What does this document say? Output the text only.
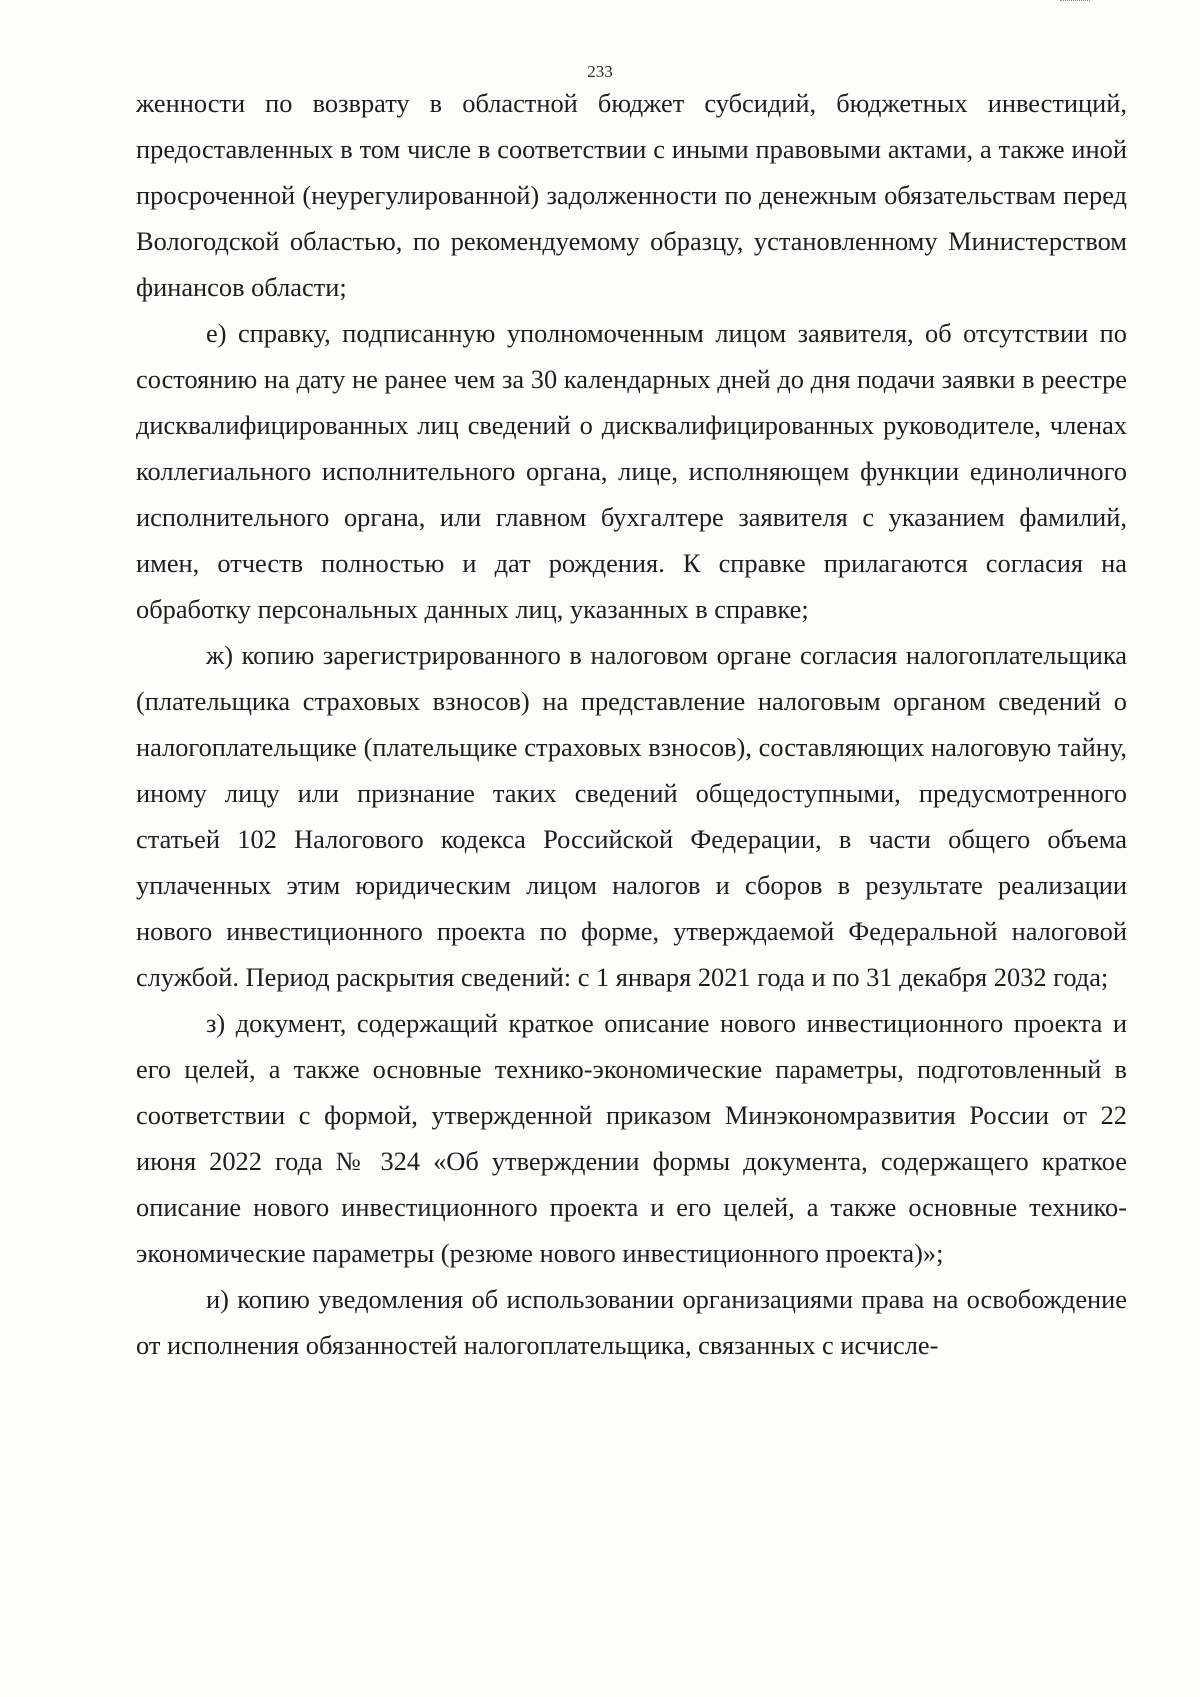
233

женности по возврату в областной бюджет субсидий, бюджетных инвестиций, предоставленных в том числе в соответствии с иными правовыми актами, а также иной просроченной (неурегулированной) задолженности по денежным обязательствам перед Вологодской областью, по рекомендуемому образцу, установленному Министерством финансов области;

е) справку, подписанную уполномоченным лицом заявителя, об отсутствии по состоянию на дату не ранее чем за 30 календарных дней до дня подачи заявки в реестре дисквалифицированных лиц сведений о дисквалифицированных руководителе, членах коллегиального исполнительного органа, лице, исполняющем функции единоличного исполнительного органа, или главном бухгалтере заявителя с указанием фамилий, имен, отчеств полностью и дат рождения. К справке прилагаются согласия на обработку персональных данных лиц, указанных в справке;

ж) копию зарегистрированного в налоговом органе согласия налогоплательщика (плательщика страховых взносов) на представление налоговым органом сведений о налогоплательщике (плательщике страховых взносов), составляющих налоговую тайну, иному лицу или признание таких сведений общедоступными, предусмотренного статьей 102 Налогового кодекса Российской Федерации, в части общего объема уплаченных этим юридическим лицом налогов и сборов в результате реализации нового инвестиционного проекта по форме, утверждаемой Федеральной налоговой службой. Период раскрытия сведений: с 1 января 2021 года и по 31 декабря 2032 года;

з) документ, содержащий краткое описание нового инвестиционного проекта и его целей, а также основные технико-экономические параметры, подготовленный в соответствии с формой, утвержденной приказом Минэкономразвития России от 22 июня 2022 года № 324 «Об утверждении формы документа, содержащего краткое описание нового инвестиционного проекта и его целей, а также основные технико-экономические параметры (резюме нового инвестиционного проекта)»;

и) копию уведомления об использовании организациями права на освобождение от исполнения обязанностей налогоплательщика, связанных с исчисле-
